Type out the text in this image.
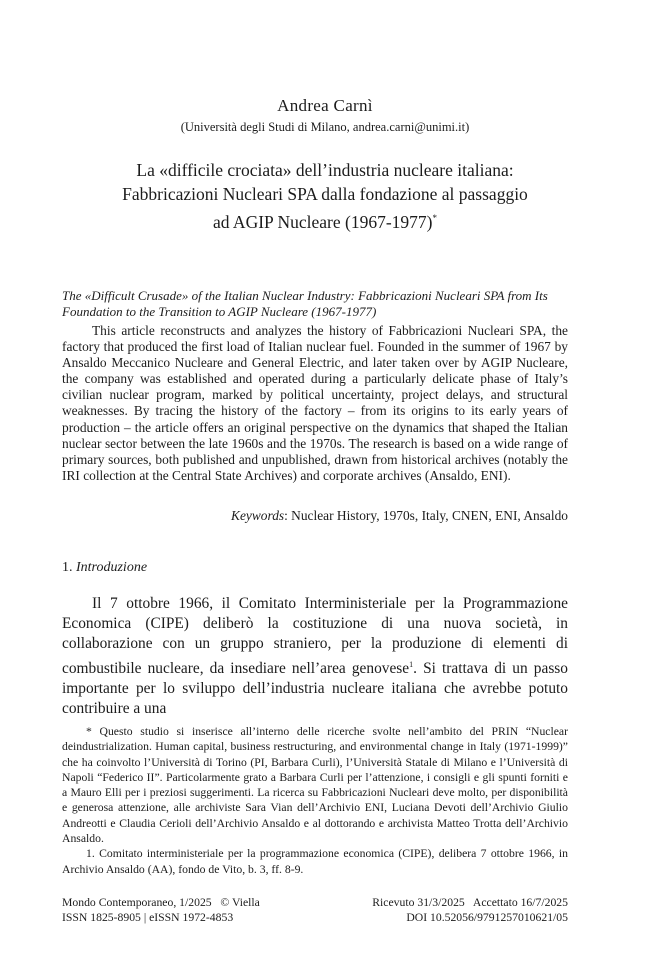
Andrea Carnì
(Università degli Studi di Milano, andrea.carni@unimi.it)
La «difficile crociata» dell’industria nucleare italiana:
Fabbricazioni Nucleari SPA dalla fondazione al passaggio
ad AGIP Nucleare (1967-1977)*
The «Difficult Crusade» of the Italian Nuclear Industry: Fabbricazioni Nucleari SPA from Its Foundation to the Transition to AGIP Nucleare (1967-1977)
This article reconstructs and analyzes the history of Fabbricazioni Nucleari SPA, the factory that produced the first load of Italian nuclear fuel. Founded in the summer of 1967 by Ansaldo Meccanico Nucleare and General Electric, and later taken over by AGIP Nucleare, the company was established and operated during a particularly delicate phase of Italy’s civilian nuclear program, marked by political uncertainty, project delays, and structural weaknesses. By tracing the history of the factory – from its origins to its early years of production – the article offers an original perspective on the dynamics that shaped the Italian nuclear sector between the late 1960s and the 1970s. The research is based on a wide range of primary sources, both published and unpublished, drawn from historical archives (notably the IRI collection at the Central State Archives) and corporate archives (Ansaldo, ENI).
Keywords: Nuclear History, 1970s, Italy, CNEN, ENI, Ansaldo
1. Introduzione
Il 7 ottobre 1966, il Comitato Interministeriale per la Programmazione Economica (CIPE) deliberò la costituzione di una nuova società, in collaborazione con un gruppo straniero, per la produzione di elementi di combustibile nucleare, da insediare nell’area genovese$^1$. Si trattava di un passo importante per lo sviluppo dell’industria nucleare italiana che avrebbe potuto contribuire a una

* Questo studio si inserisce all’interno delle ricerche svolte nell’ambito del PRIN “Nuclear deindustrialization. Human capital, business restructuring, and environmental change in Italy (1971-1999)” che ha coinvolto l’Università di Torino (PI, Barbara Curli), l’Università Statale di Milano e l’Università di Napoli “Federico II”. Particolarmente grato a Barbara Curli per l’attenzione, i consigli e gli spunti forniti e a Mauro Elli per i preziosi suggerimenti. La ricerca su Fabbricazioni Nucleari deve molto, per disponibilità e generosa attenzione, alle archiviste Sara Vian dell’Archivio ENI, Luciana Devoti dell’Archivio Giulio Andreotti e Claudia Cerioli dell’Archivio Ansaldo e al dottorando e archivista Matteo Trotta dell’Archivio Ansaldo.

1. Comitato interministeriale per la programmazione economica (CIPE), delibera 7 ottobre 1966, in Archivio Ansaldo (AA), fondo de Vito, b. 3, ff. 8-9.

Mondo Contemporaneo, 1/2025   © Viella
ISSN 1825-8905 | eISSN 1972-4853
Ricevuto 31/3/2025   Accettato 16/7/2025
DOI 10.52056/9791257010621/05
